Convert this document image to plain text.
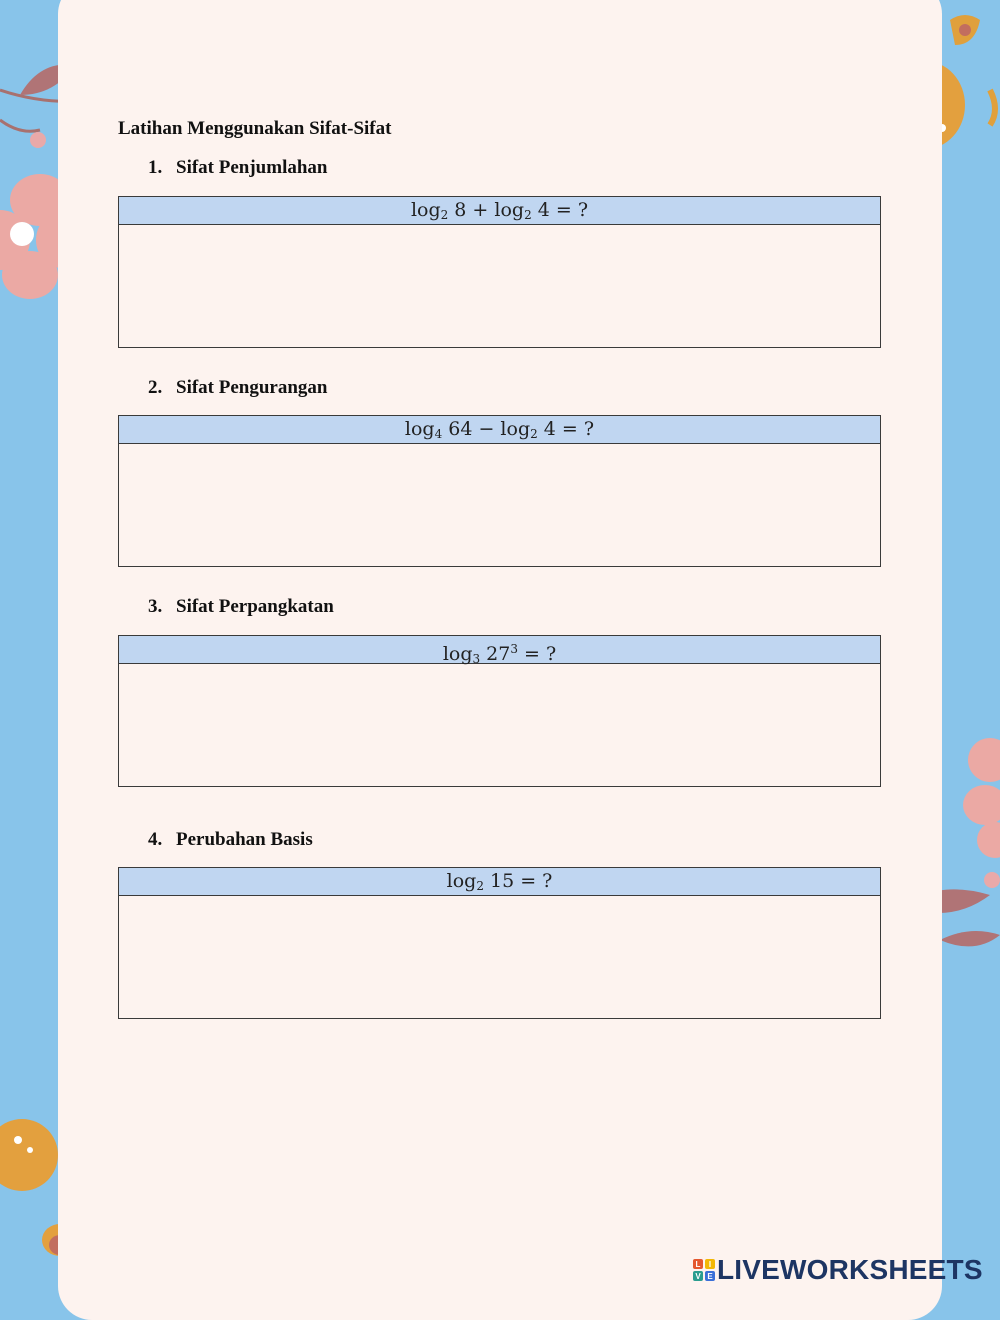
Latihan Menggunakan Sifat-Sifat
1. Sifat Penjumlahan
$\log_2 8 + \log_2 4$ = ?
2. Sifat Pengurangan
$\log_4 64 - \log_2 4$ = ?
3. Sifat Perpangkatan
$\log_3 27^3$ = ?
4. Perubahan Basis
$\log_2 15$ = ?
L I
V E LIVEWORKSHEETS
